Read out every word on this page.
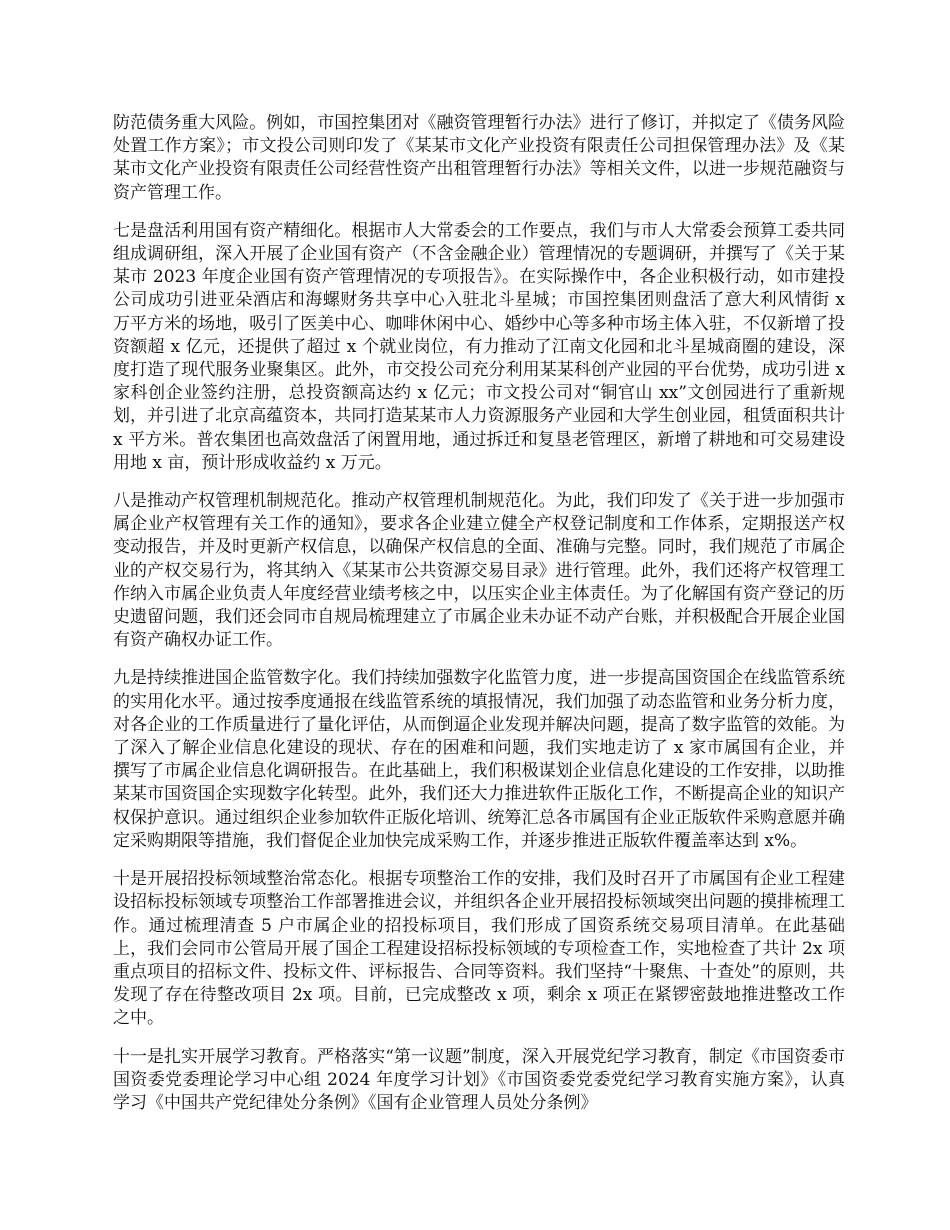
防范债务重大风险。例如，市国控集团对《融资管理暂行办法》进行了修订，并拟定了《债务风险处置工作方案》；市文投公司则印发了《某某市文化产业投资有限责任公司担保管理办法》及《某某市文化产业投资有限责任公司经营性资产出租管理暂行办法》等相关文件，以进一步规范融资与资产管理工作。

七是盘活利用国有资产精细化。根据市人大常委会的工作要点，我们与市人大常委会预算工委共同组成调研组，深入开展了企业国有资产（不含金融企业）管理情况的专题调研，并撰写了《关于某某市 2023 年度企业国有资产管理情况的专项报告》。在实际操作中，各企业积极行动，如市建投公司成功引进亚朵酒店和海螺财务共享中心入驻北斗星城；市国控集团则盘活了意大利风情街 x 万平方米的场地，吸引了医美中心、咖啡休闲中心、婚纱中心等多种市场主体入驻，不仅新增了投资额超 x 亿元，还提供了超过 x 个就业岗位，有力推动了江南文化园和北斗星城商圈的建设，深度打造了现代服务业聚集区。此外，市交投公司充分利用某某科创产业园的平台优势，成功引进 x 家科创企业签约注册，总投资额高达约 x 亿元；市文投公司对“铜官山 xx”文创园进行了重新规划，并引进了北京高蕴资本，共同打造某某市人力资源服务产业园和大学生创业园，租赁面积共计 x 平方米。普农集团也高效盘活了闲置用地，通过拆迁和复垦老管理区，新增了耕地和可交易建设用地 x 亩，预计形成收益约 x 万元。

八是推动产权管理机制规范化。推动产权管理机制规范化。为此，我们印发了《关于进一步加强市属企业产权管理有关工作的通知》，要求各企业建立健全产权登记制度和工作体系，定期报送产权变动报告，并及时更新产权信息，以确保产权信息的全面、准确与完整。同时，我们规范了市属企业的产权交易行为，将其纳入《某某市公共资源交易目录》进行管理。此外，我们还将产权管理工作纳入市属企业负责人年度经营业绩考核之中，以压实企业主体责任。为了化解国有资产登记的历史遗留问题，我们还会同市自规局梳理建立了市属企业未办证不动产台账，并积极配合开展企业国有资产确权办证工作。

九是持续推进国企监管数字化。我们持续加强数字化监管力度，进一步提高国资国企在线监管系统的实用化水平。通过按季度通报在线监管系统的填报情况，我们加强了动态监管和业务分析力度，对各企业的工作质量进行了量化评估，从而倒逼企业发现并解决问题，提高了数字监管的效能。为了深入了解企业信息化建设的现状、存在的困难和问题，我们实地走访了 x 家市属国有企业，并撰写了市属企业信息化调研报告。在此基础上，我们积极谋划企业信息化建设的工作安排，以助推某某市国资国企实现数字化转型。此外，我们还大力推进软件正版化工作，不断提高企业的知识产权保护意识。通过组织企业参加软件正版化培训、统筹汇总各市属国有企业正版软件采购意愿并确定采购期限等措施，我们督促企业加快完成采购工作，并逐步推进正版软件覆盖率达到 x%。

十是开展招投标领域整治常态化。根据专项整治工作的安排，我们及时召开了市属国有企业工程建设招标投标领域专项整治工作部署推进会议，并组织各企业开展招投标领域突出问题的摸排梳理工作。通过梳理清查 5 户市属企业的招投标项目，我们形成了国资系统交易项目清单。在此基础上，我们会同市公管局开展了国企工程建设招标投标领域的专项检查工作，实地检查了共计 2x 项重点项目的招标文件、投标文件、评标报告、合同等资料。我们坚持“十聚焦、十查处”的原则，共发现了存在待整改项目 2x 项。目前，已完成整改 x 项，剩余 x 项正在紧锣密鼓地推进整改工作之中。

十一是扎实开展学习教育。严格落实“第一议题”制度，深入开展党纪学习教育，制定《市国资委市国资委党委理论学习中心组 2024 年度学习计划》《市国资委党委党纪学习教育实施方案》，认真学习《中国共产党纪律处分条例》《国有企业管理人员处分条例》
